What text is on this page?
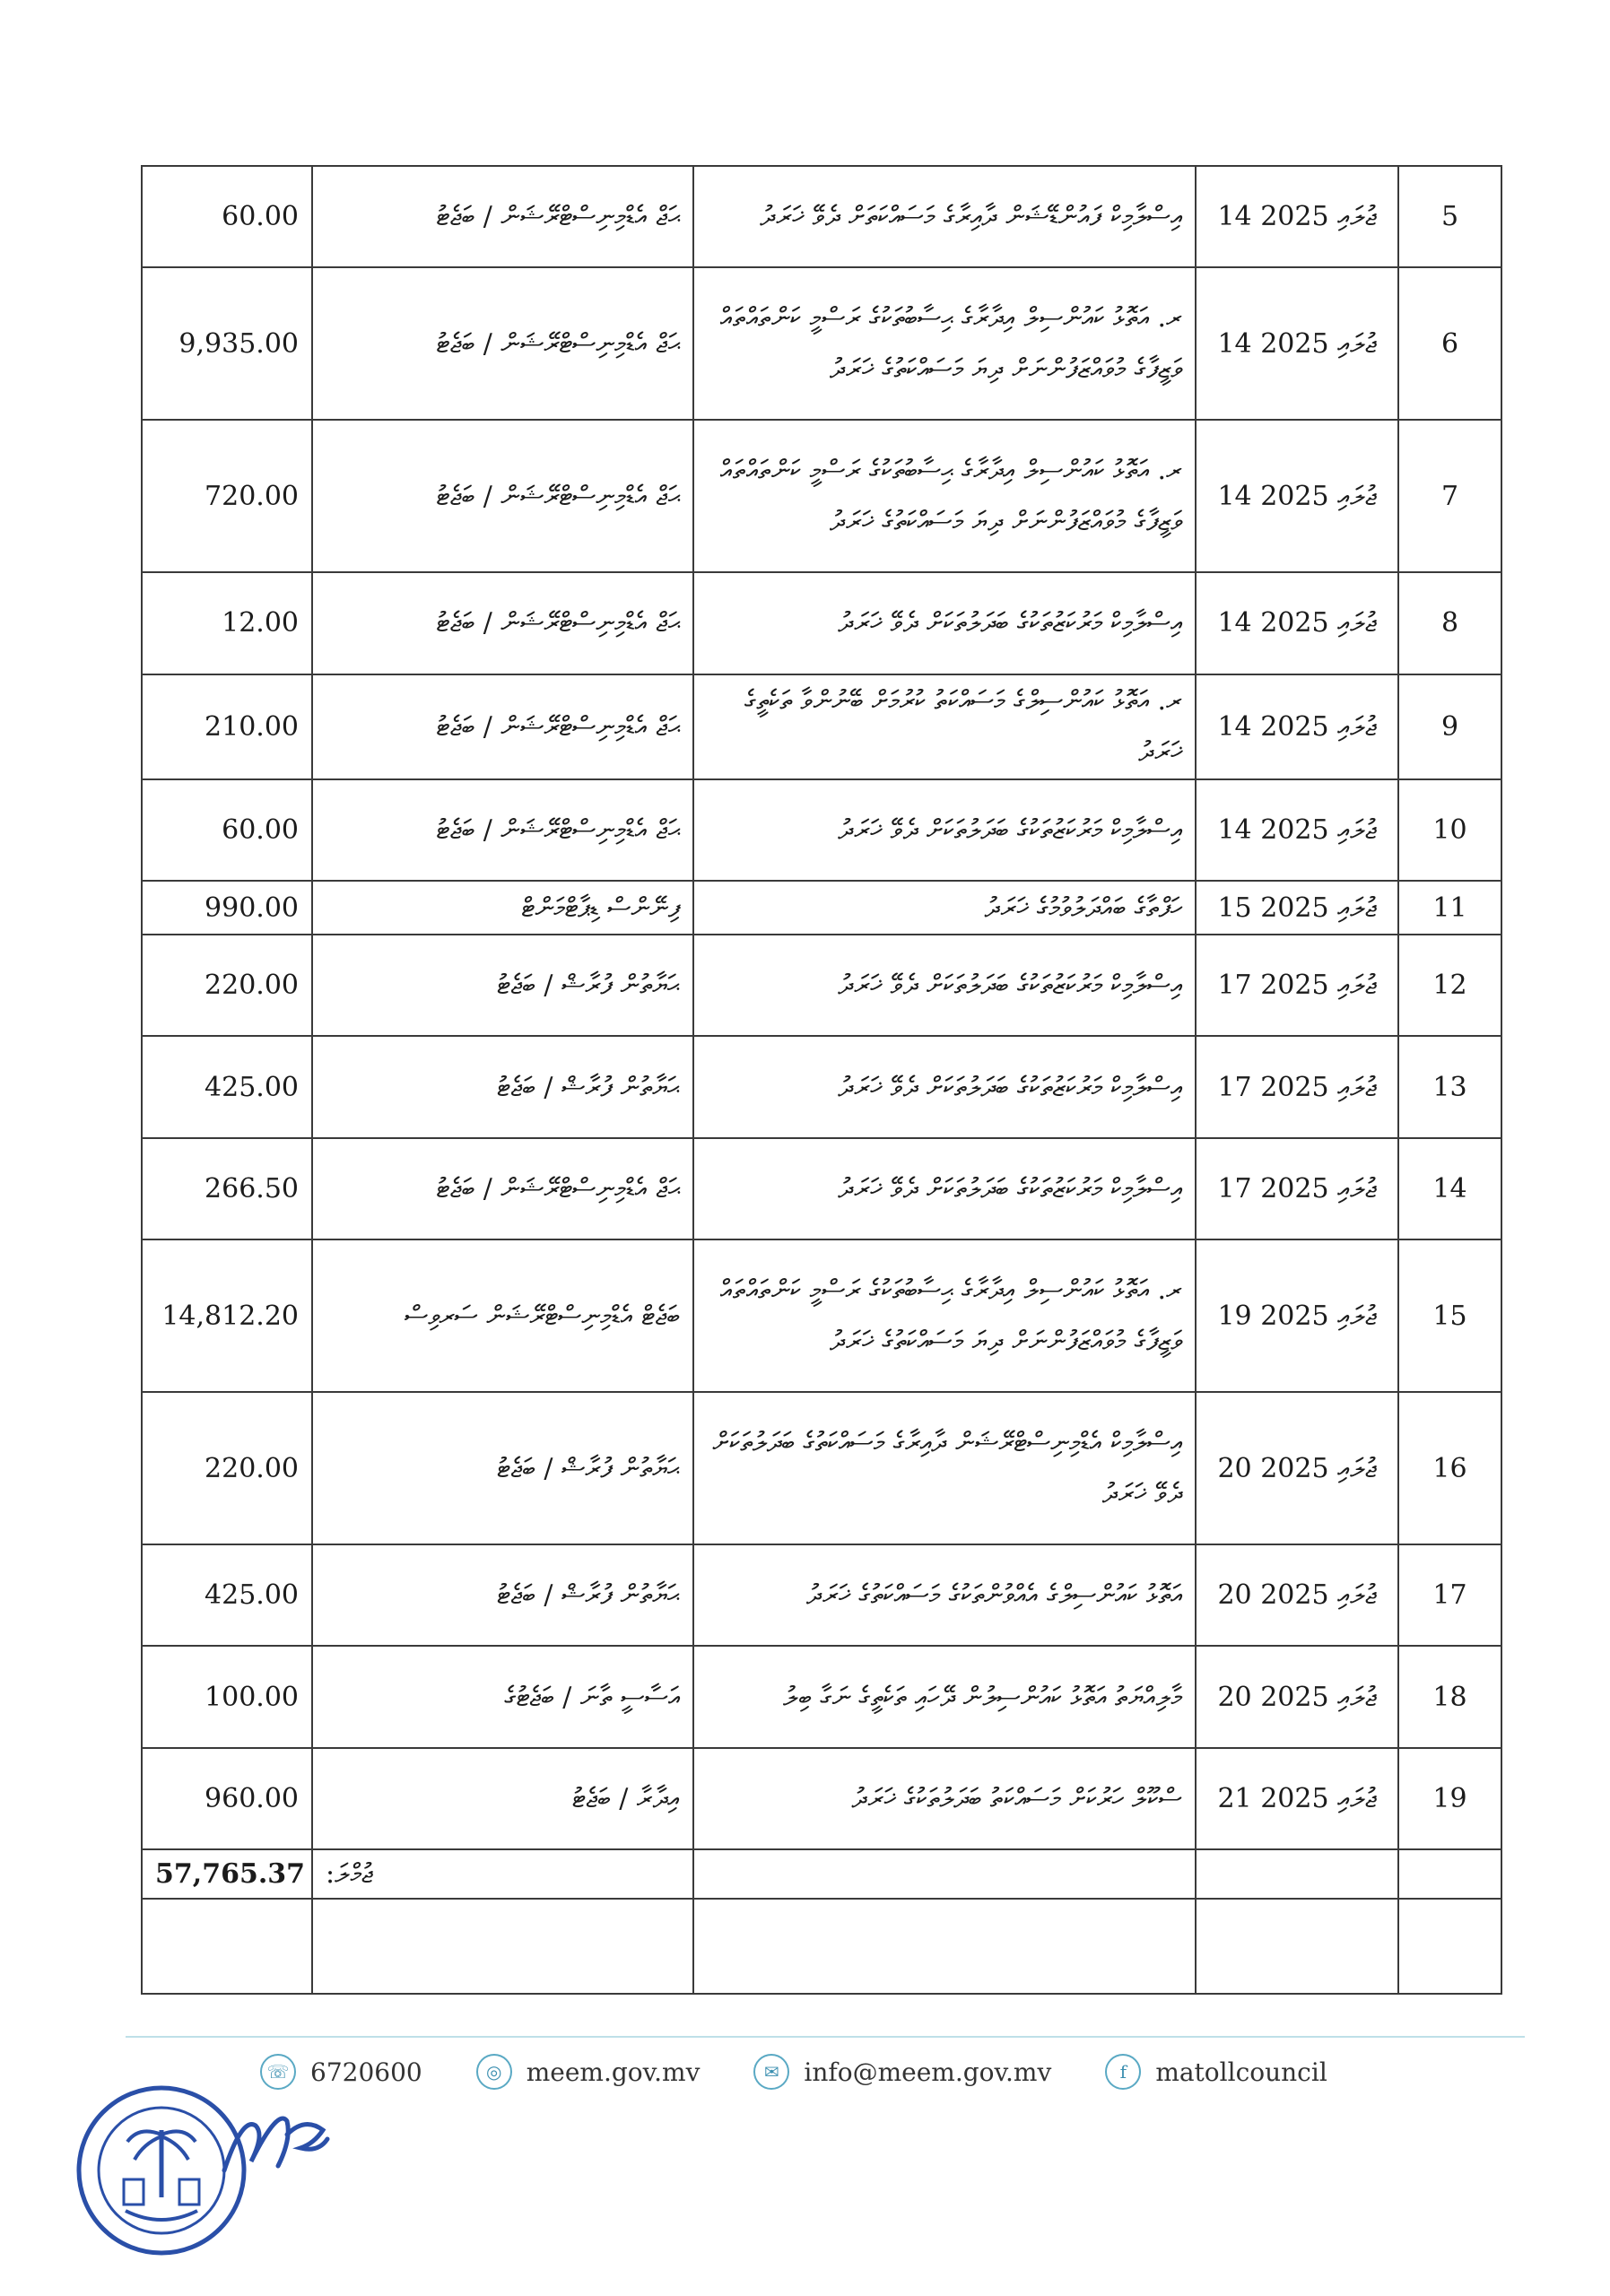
60.00	ޙަޖް އެޑްމިނިސްޓްރޭޝަން / ބަޖެޓު	އިސްލާމިކް ފައުންޑޭޝަން ދާއިރާގެ މަސައްކަތަށް ދެވޭ ޚަރަދު	14 ޖުލައި 2025	5
9,935.00	ޙަޖް އެޑްމިނިސްޓްރޭޝަން / ބަޖެޓު	ރ. އަތޮޅު ކައުންސިލް އިދާރާގެ ޙިސާބުތަކުގެ ރަސްމީ ކަންތައްތައް ވަޒީފާގެ މުވައްޒަފުންނަށް ދިޔަ މަސައްކަތުގެ ޚަރަދު	14 ޖުލައި 2025	6
720.00	ޙަޖް އެޑްމިނިސްޓްރޭޝަން / ބަޖެޓު	ރ. އަތޮޅު ކައުންސިލް އިދާރާގެ ޙިސާބުތަކުގެ ރަސްމީ ކަންތައްތައް ވަޒީފާގެ މުވައްޒަފުންނަށް ދިޔަ މަސައްކަތުގެ ޚަރަދު	14 ޖުލައި 2025	7
12.00	ޙަޖް އެޑްމިނިސްޓްރޭޝަން / ބަޖެޓު	އިސްލާމިކް މަރުކަޒުތަކުގެ ބަދަލުތަކަށް ދެވޭ ޚަރަދު	14 ޖުލައި 2025	8
210.00	ޙަޖް އެޑްމިނިސްޓްރޭޝަން / ބަޖެޓު	ރ. އަތޮޅު ކައުންސިލްގެ މަސައްކަތު ކުރުމަށް ބޭނުންވާ ތަކެތީގެ ޚަރަދު	14 ޖުލައި 2025	9
60.00	ޙަޖް އެޑްމިނިސްޓްރޭޝަން / ބަޖެޓު	އިސްލާމިކް މަރުކަޒުތަކުގެ ބަދަލުތަކަށް ދެވޭ ޚަރަދު	14 ޖުލައި 2025	10
990.00	ފިނޭންސް ޑިޕާޓްމަންޓް	ހަފްތާގެ ބައްދަލުވުމުގެ ޚަރަދު	15 ޖުލައި 2025	11
220.00	ޙަޔާތުން ފުރާޝް / ބަޖެޓު	އިސްލާމިކް މަރުކަޒުތަކުގެ ބަދަލުތަކަށް ދެވޭ ޚަރަދު	17 ޖުލައި 2025	12
425.00	ޙަޔާތުން ފުރާޝް / ބަޖެޓު	އިސްލާމިކް މަރުކަޒުތަކުގެ ބަދަލުތަކަށް ދެވޭ ޚަރަދު	17 ޖުލައި 2025	13
266.50	ޙަޖް އެޑްމިނިސްޓްރޭޝަން / ބަޖެޓު	އިސްލާމިކް މަރުކަޒުތަކުގެ ބަދަލުތަކަށް ދެވޭ ޚަރަދު	17 ޖުލައި 2025	14
14,812.20	ބަޖެޓް އެޑްމިނިސްޓްރޭޝަން ސަރވިސް	ރ. އަތޮޅު ކައުންސިލް އިދާރާގެ ޙިސާބުތަކުގެ ރަސްމީ ކަންތައްތައް ވަޒީފާގެ މުވައްޒަފުންނަށް ދިޔަ މަސައްކަތުގެ ޚަރަދު	19 ޖުލައި 2025	15
220.00	ޙަޔާތުން ފުރާޝް / ބަޖެޓު	އިސްލާމިކް އެޑްމިނިސްޓްރޭޝަން ދާއިރާގެ މަސައްކަތުގެ ބަދަލުތަކަށް ދެވޭ ޚަރަދު	20 ޖުލައި 2025	16
425.00	ޙަޔާތުން ފުރާޝް / ބަޖެޓު	އަތޮޅު ކައުންސިލްގެ އެއްވުންތަކުގެ މަސައްކަތުގެ ޚަރަދު	20 ޖުލައި 2025	17
100.00	އަސާސީ ތާނަ / ބަޖެޓުގެ	މާލިއްޔަތު އަތޮޅު ކައުންސިލުން ދޭހައި ތަކެތީގެ ނަގާ ބިލު	20 ޖުލައި 2025	18
960.00	އިދާރާ / ބަޖެޓު	ސްކޫލް ހަރުކަށް މަސައްކަތު ބަދަލުތަކުގެ ޚަރަދު	21 ޖުލައި 2025	19
57,765.37	ޖުމްލަ:			

☏ 6720600	◎ meem.gov.mv	✉ info@meem.gov.mv	f	matollcouncil
